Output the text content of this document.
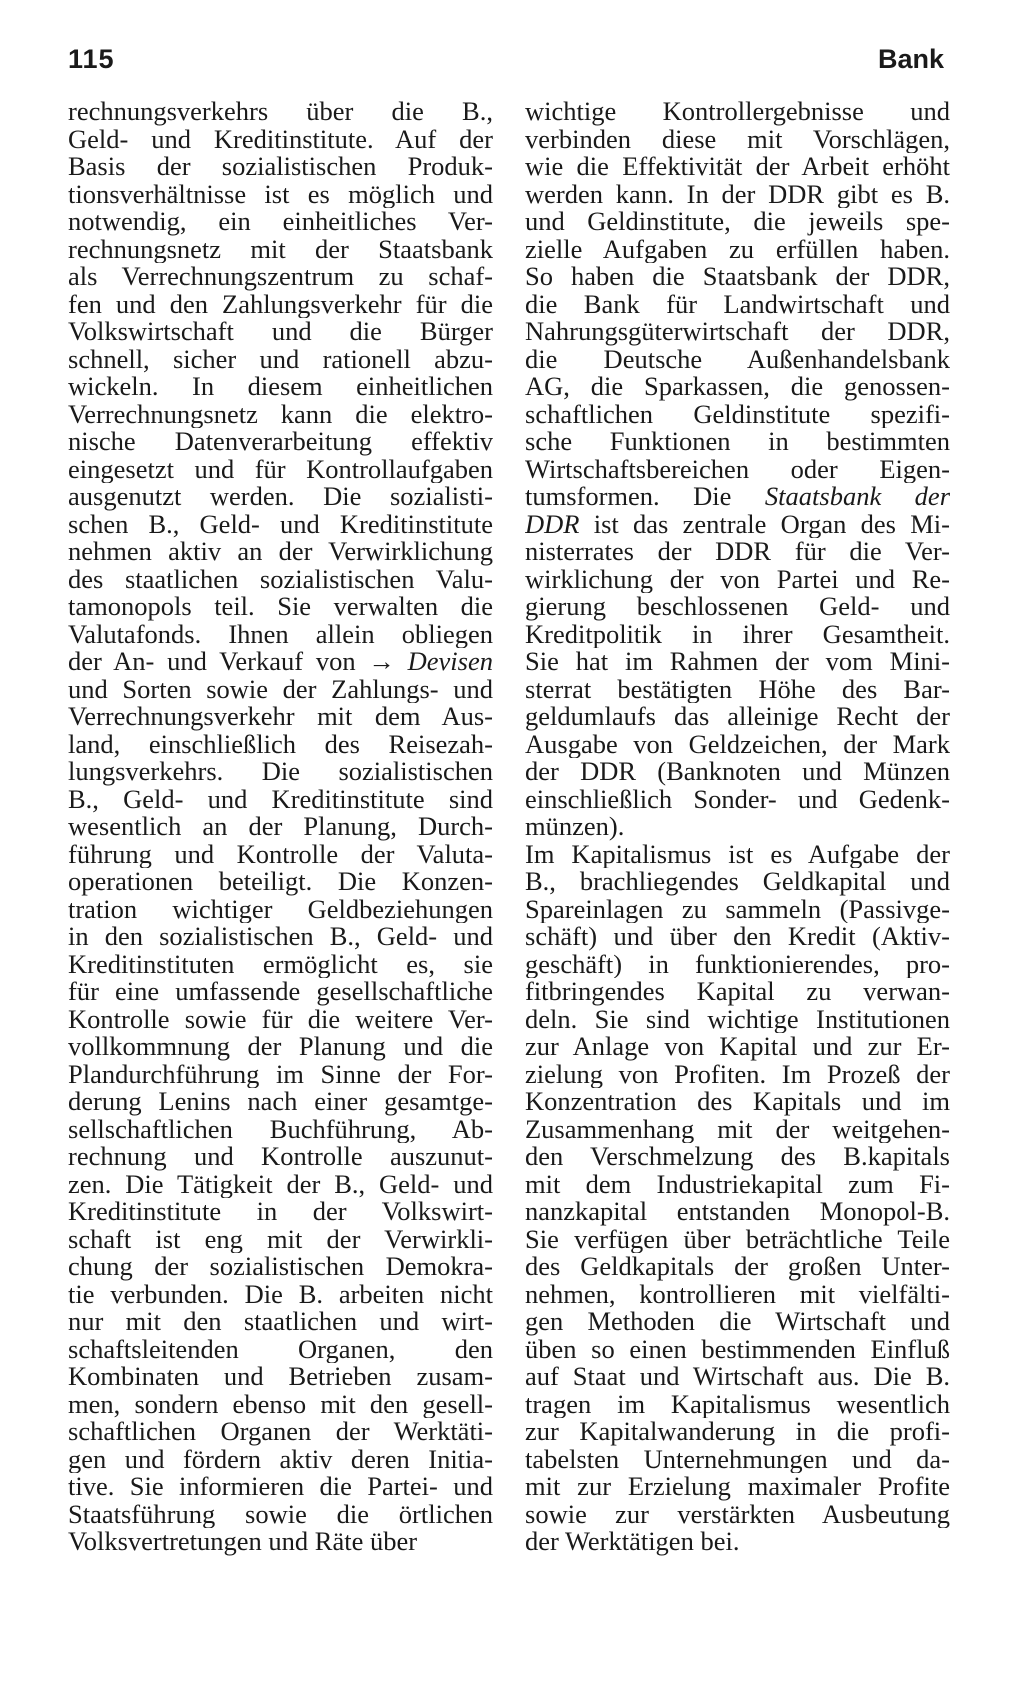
115	Bank
rechnungsverkehrs über die B.,
Geld- und Kreditinstitute. Auf der
Basis der sozialistischen Produk-
tionsverhältnisse ist es möglich und
notwendig, ein einheitliches Ver-
rechnungsnetz mit der Staatsbank
als Verrechnungszentrum zu schaf-
fen und den Zahlungsverkehr für die
Volkswirtschaft und die Bürger
schnell, sicher und rationell abzu-
wickeln. In diesem einheitlichen
Verrechnungsnetz kann die elektro-
nische Datenverarbeitung effektiv
eingesetzt und für Kontrollaufgaben
ausgenutzt werden. Die sozialisti-
schen B., Geld- und Kreditinstitute
nehmen aktiv an der Verwirklichung
des staatlichen sozialistischen Valu-
tamonopols teil. Sie verwalten die
Valutafonds. Ihnen allein obliegen
der An- und Verkauf von → Devisen
und Sorten sowie der Zahlungs- und
Verrechnungsverkehr mit dem Aus-
land, einschließlich des Reisezah-
lungsverkehrs. Die sozialistischen
B., Geld- und Kreditinstitute sind
wesentlich an der Planung, Durch-
führung und Kontrolle der Valuta-
operationen beteiligt. Die Konzen-
tration wichtiger Geldbeziehungen
in den sozialistischen B., Geld- und
Kreditinstituten ermöglicht es, sie
für eine umfassende gesellschaftliche
Kontrolle sowie für die weitere Ver-
vollkommnung der Planung und die
Plandurchführung im Sinne der For-
derung Lenins nach einer gesamtge-
sellschaftlichen Buchführung, Ab-
rechnung und Kontrolle auszunut-
zen. Die Tätigkeit der B., Geld- und
Kreditinstitute in der Volkswirt-
schaft ist eng mit der Verwirkli-
chung der sozialistischen Demokra-
tie verbunden. Die B. arbeiten nicht
nur mit den staatlichen und wirt-
schaftsleitenden Organen, den
Kombinaten und Betrieben zusam-
men, sondern ebenso mit den gesell-
schaftlichen Organen der Werktäti-
gen und fördern aktiv deren Initia-
tive. Sie informieren die Partei- und
Staatsführung sowie die örtlichen
Volksvertretungen und Räte über
wichtige Kontrollergebnisse und
verbinden diese mit Vorschlägen,
wie die Effektivität der Arbeit erhöht
werden kann. In der DDR gibt es B.
und Geldinstitute, die jeweils spe-
zielle Aufgaben zu erfüllen haben.
So haben die Staatsbank der DDR,
die Bank für Landwirtschaft und
Nahrungsgüterwirtschaft der DDR,
die Deutsche Außenhandelsbank
AG, die Sparkassen, die genossen-
schaftlichen Geldinstitute spezifi-
sche Funktionen in bestimmten
Wirtschaftsbereichen oder Eigen-
tumsformen. Die Staatsbank der
DDR ist das zentrale Organ des Mi-
nisterrates der DDR für die Ver-
wirklichung der von Partei und Re-
gierung beschlossenen Geld- und
Kreditpolitik in ihrer Gesamtheit.
Sie hat im Rahmen der vom Mini-
sterrat bestätigten Höhe des Bar-
geldumlaufs das alleinige Recht der
Ausgabe von Geldzeichen, der Mark
der DDR (Banknoten und Münzen
einschließlich Sonder- und Gedenk-
münzen).
Im Kapitalismus ist es Aufgabe der
B., brachliegendes Geldkapital und
Spareinlagen zu sammeln (Passivge-
schäft) und über den Kredit (Aktiv-
geschäft) in funktionierendes, pro-
fitbringendes Kapital zu verwan-
deln. Sie sind wichtige Institutionen
zur Anlage von Kapital und zur Er-
zielung von Profiten. Im Prozeß der
Konzentration des Kapitals und im
Zusammenhang mit der weitgehen-
den Verschmelzung des B.kapitals
mit dem Industriekapital zum Fi-
nanzkapital entstanden Monopol-B.
Sie verfügen über beträchtliche Teile
des Geldkapitals der großen Unter-
nehmen, kontrollieren mit vielfälti-
gen Methoden die Wirtschaft und
üben so einen bestimmenden Einfluß
auf Staat und Wirtschaft aus. Die B.
tragen im Kapitalismus wesentlich
zur Kapitalwanderung in die profi-
tabelsten Unternehmungen und da-
mit zur Erzielung maximaler Profite
sowie zur verstärkten Ausbeutung
der Werktätigen bei.
